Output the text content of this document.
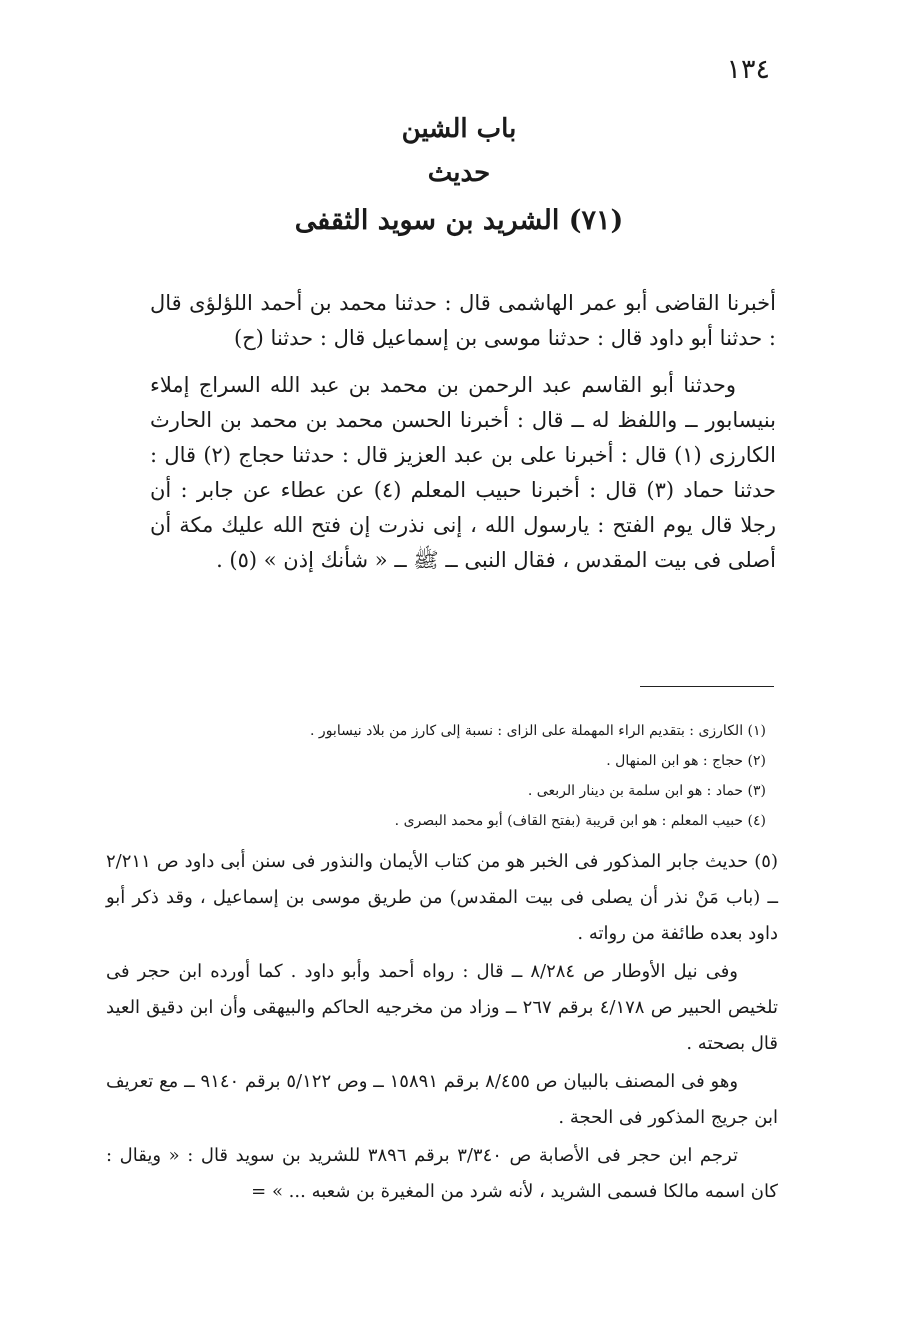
١٣٤
باب الشين
حديث
(٧١) الشريد بن سويد الثقفى

أخبرنا القاضى أبو عمر الهاشمى قال : حدثنا محمد بن أحمد اللؤلؤى قال : حدثنا أبو داود قال : حدثنا موسى بن إسماعيل قال : حدثنا (ح)

وحدثنا أبو القاسم عبد الرحمن بن محمد بن عبد الله السراج إملاء بنيسابور ــ واللفظ له ــ قال : أخبرنا الحسن محمد بن محمد بن الحارث الكارزى (١) قال : أخبرنا على بن عبد العزيز قال : حدثنا حجاج (٢) قال : حدثنا حماد (٣) قال : أخبرنا حبيب المعلم (٤) عن عطاء عن جابر : أن رجلا قال يوم الفتح : يارسول الله ، إنى نذرت إن فتح الله عليك مكة أن أصلى فى بيت المقدس ، فقال النبى ــ ﷺ ــ « شأنك إذن » (٥) .

(١) الكارزى : بتقديم الراء المهملة على الزاى : نسبة إلى كارز من بلاد نيسابور .

(٢) حجاج : هو ابن المنهال .

(٣) حماد : هو ابن سلمة بن دينار الربعى .

(٤) حبيب المعلم : هو ابن قريبة (بفتح القاف) أبو محمد البصرى .

(٥) حديث جابر المذكور فى الخبر هو من كتاب الأيمان والنذور فى سنن أبى داود ص ٢/٢١١ ــ (باب مَنْ نذر أن يصلى فى بيت المقدس) من طريق موسى بن إسماعيل ، وقد ذكر أبو داود بعده طائفة من رواته .

وفى نيل الأوطار ص ٨/٢٨٤ ــ قال : رواه أحمد وأبو داود . كما أورده ابن حجر فى تلخيص الحبير ص ٤/١٧٨ برقم ٢٦٧ ــ وزاد من مخرجيه الحاكم والبيهقى وأن ابن دقيق العيد قال بصحته .

وهو فى المصنف بالبيان ص ٨/٤٥٥ برقم ١٥٨٩١ ــ وص ٥/١٢٢ برقم ٩١٤٠ ــ مع تعريف ابن جريج المذكور فى الحجة .

ترجم ابن حجر فى الأصابة ص ٣/٣٤٠ برقم ٣٨٩٦ للشريد بن سويد قال : « ويقال : كان اسمه مالكا فسمى الشريد ، لأنه شرد من المغيرة بن شعبه ... » =
